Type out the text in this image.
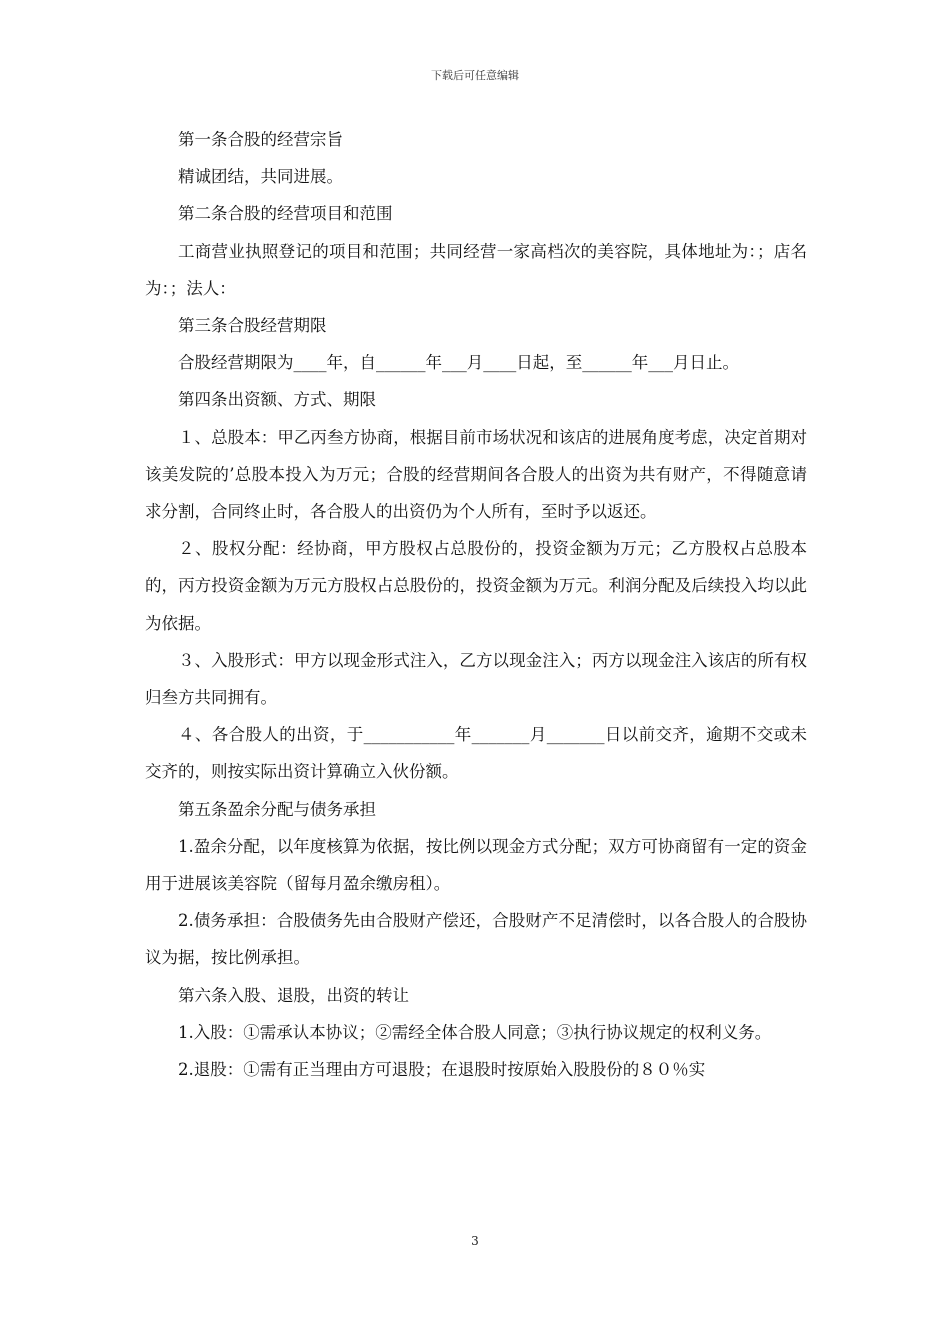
下载后可任意编辑

第一条合股的经营宗旨

精诚团结，共同进展。

第二条合股的经营项目和范围

工商营业执照登记的项目和范围；共同经营一家高档次的美容院，具体地址为：；店名为：；法人：

第三条合股经营期限

合股经营期限为____年，自______年___月____日起，至______年___月日止。

第四条出资额、方式、期限

１、总股本：甲乙丙叁方协商，根据目前市场状况和该店的进展角度考虑，决定首期对该美发院的’总股本投入为万元；合股的经营期间各合股人的出资为共有财产，不得随意请求分割，合同终止时，各合股人的出资仍为个人所有，至时予以返还。

２、股权分配：经协商，甲方股权占总股份的，投资金额为万元；乙方股权占总股本的，丙方投资金额为万元方股权占总股份的，投资金额为万元。利润分配及后续投入均以此为依据。

３、入股形式：甲方以现金形式注入，乙方以现金注入；丙方以现金注入该店的所有权归叁方共同拥有。

４、各合股人的出资，于___________年_______月_______日以前交齐，逾期不交或未交齐的，则按实际出资计算确立入伙份额。

第五条盈余分配与债务承担

1.盈余分配，以年度核算为依据，按比例以现金方式分配；双方可协商留有一定的资金用于进展该美容院（留每月盈余缴房租）。

2.债务承担：合股债务先由合股财产偿还，合股财产不足清偿时，以各合股人的合股协议为据，按比例承担。

第六条入股、退股，出资的转让

1.入股：①需承认本协议；②需经全体合股人同意；③执行协议规定的权利义务。

2.退股：①需有正当理由方可退股；在退股时按原始入股股份的８０％实

3
